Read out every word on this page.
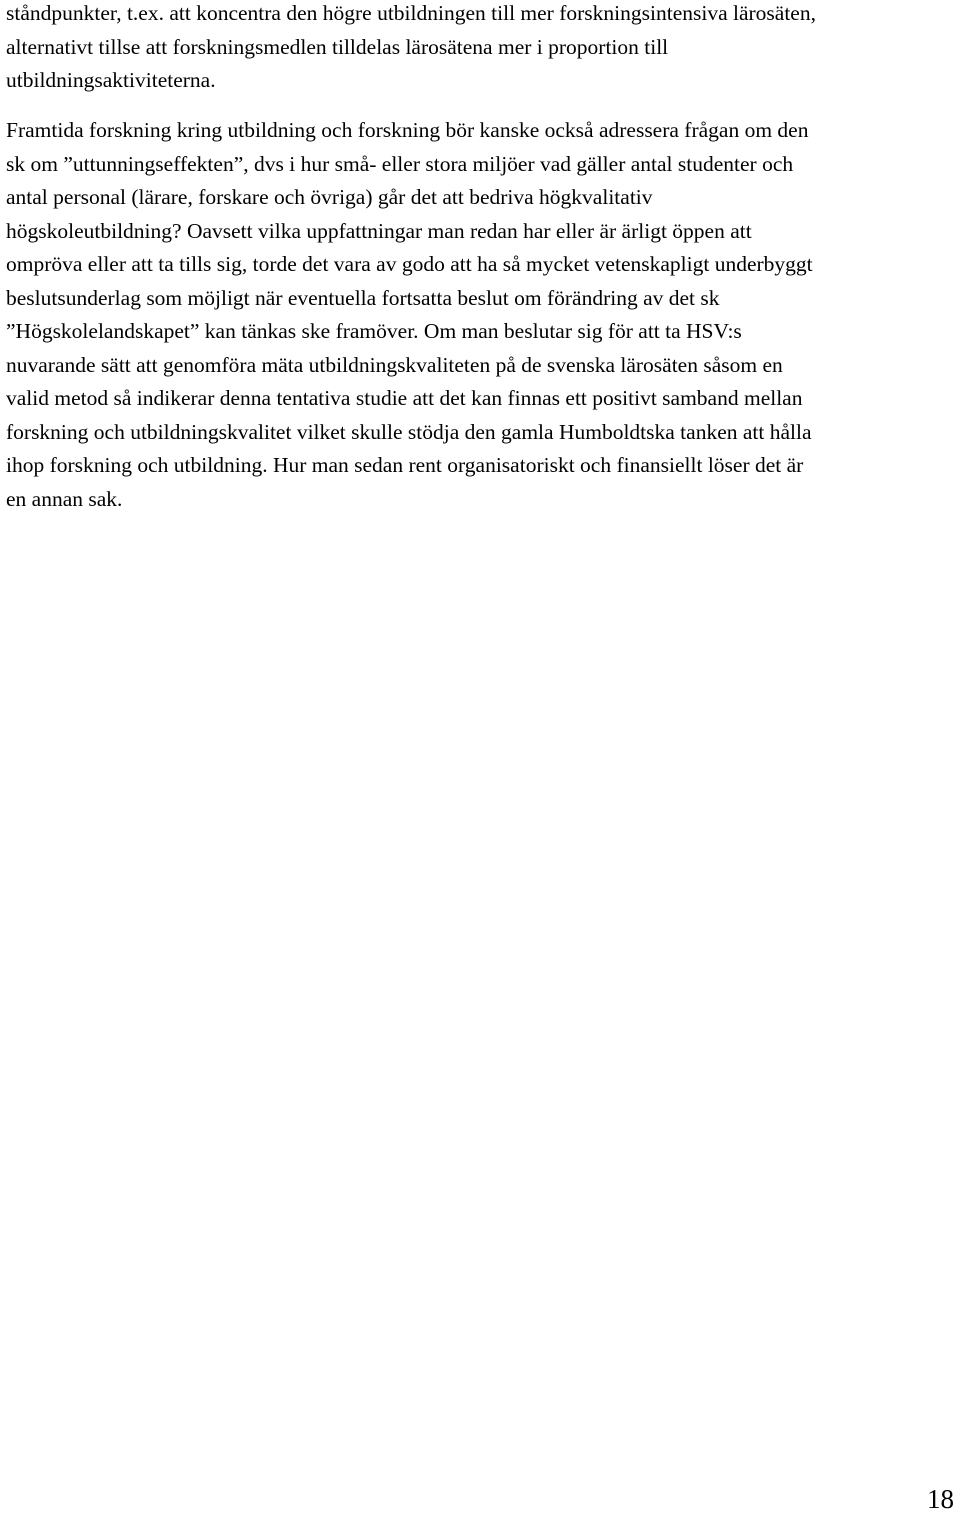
ståndpunkter, t.ex. att koncentra den högre utbildningen till mer forskningsintensiva lärosäten,
alternativt tillse att forskningsmedlen tilldelas lärosätena mer i proportion till
utbildningsaktiviteterna.

Framtida forskning kring utbildning och forskning bör kanske också adressera frågan om den
sk om ”uttunningseffekten”, dvs i hur små- eller stora miljöer vad gäller antal studenter och
antal personal (lärare, forskare och övriga) går det att bedriva högkvalitativ
högskoleutbildning? Oavsett vilka uppfattningar man redan har eller är ärligt öppen att
ompröva eller att ta tills sig, torde det vara av godo att ha så mycket vetenskapligt underbyggt
beslutsunderlag som möjligt när eventuella fortsatta beslut om förändring av det sk
”Högskolelandskapet” kan tänkas ske framöver. Om man beslutar sig för att ta HSV:s
nuvarande sätt att genomföra mäta utbildningskvaliteten på de svenska lärosäten såsom en
valid metod så indikerar denna tentativa studie att det kan finnas ett positivt samband mellan
forskning och utbildningskvalitet vilket skulle stödja den gamla Humboldtska tanken att hålla
ihop forskning och utbildning. Hur man sedan rent organisatoriskt och finansiellt löser det är
en annan sak.

18
